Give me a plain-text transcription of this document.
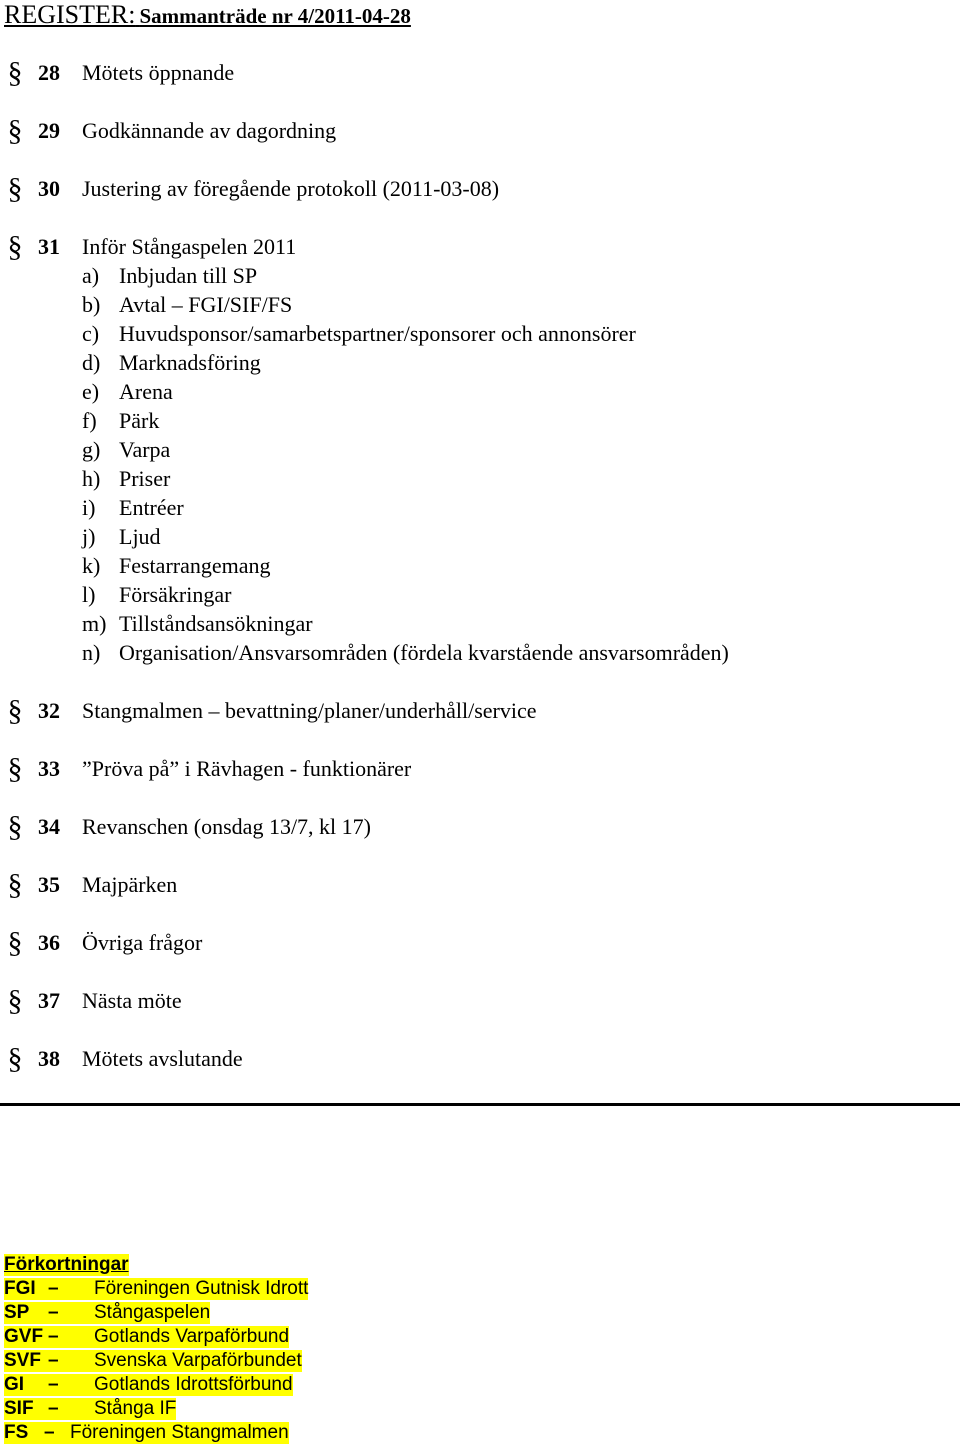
REGISTER: Sammanträde nr 4/2011-04-28
§ 28 Mötets öppnande
§ 29 Godkännande av dagordning
§ 30 Justering av föregående protokoll (2011-03-08)
§ 31 Inför Stångaspelen 2011
a) Inbjudan till SP
b) Avtal – FGI/SIF/FS
c) Huvudsponsor/samarbetspartner/sponsorer och annonsörer
d) Marknadsföring
e) Arena
f) Pärk
g) Varpa
h) Priser
i) Entréer
j) Ljud
k) Festarrangemang
l) Försäkringar
m) Tillståndsansökningar
n) Organisation/Ansvarsområden (fördela kvarstående ansvarsområden)
§ 32 Stangmalmen – bevattning/planer/underhåll/service
§ 33 ”Pröva på” i Rävhagen - funktionärer
§ 34 Revanschen (onsdag 13/7, kl 17)
§ 35 Majpärken
§ 36 Övriga frågor
§ 37 Nästa möte
§ 38 Mötets avslutande
Förkortningar
FGI – Föreningen Gutnisk Idrott
SP – Stångaspelen
GVF – Gotlands Varpaförbund
SVF – Svenska Varpaförbundet
GI – Gotlands Idrottsförbund
SIF – Stånga IF
FS – Föreningen Stangmalmen
